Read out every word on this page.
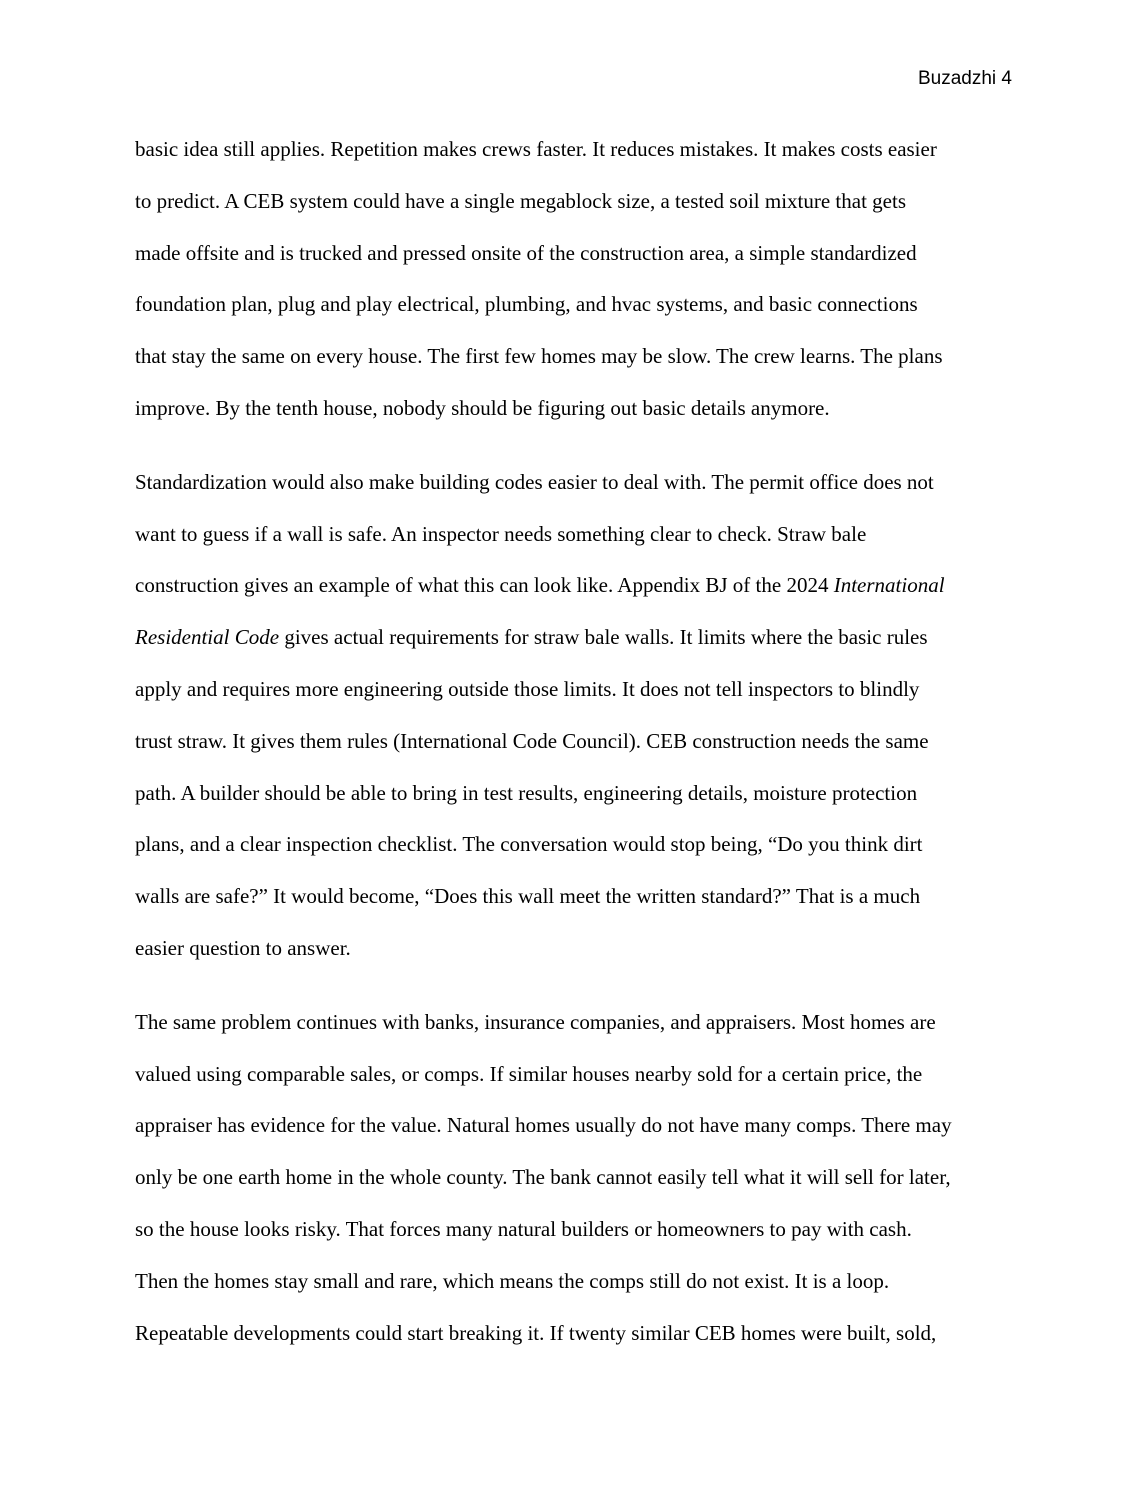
Buzadzhi 4
basic idea still applies. Repetition makes crews faster. It reduces mistakes. It makes costs easier
to predict. A CEB system could have a single megablock size, a tested soil mixture that gets
made offsite and is trucked and pressed onsite of the construction area, a simple standardized
foundation plan, plug and play electrical, plumbing, and hvac systems, and basic connections
that stay the same on every house. The first few homes may be slow. The crew learns. The plans
improve. By the tenth house, nobody should be figuring out basic details anymore.
Standardization would also make building codes easier to deal with. The permit office does not
want to guess if a wall is safe. An inspector needs something clear to check. Straw bale
construction gives an example of what this can look like. Appendix BJ of the 2024 International
Residential Code gives actual requirements for straw bale walls. It limits where the basic rules
apply and requires more engineering outside those limits. It does not tell inspectors to blindly
trust straw. It gives them rules (International Code Council). CEB construction needs the same
path. A builder should be able to bring in test results, engineering details, moisture protection
plans, and a clear inspection checklist. The conversation would stop being, “Do you think dirt
walls are safe?” It would become, “Does this wall meet the written standard?” That is a much
easier question to answer.
The same problem continues with banks, insurance companies, and appraisers. Most homes are
valued using comparable sales, or comps. If similar houses nearby sold for a certain price, the
appraiser has evidence for the value. Natural homes usually do not have many comps. There may
only be one earth home in the whole county. The bank cannot easily tell what it will sell for later,
so the house looks risky. That forces many natural builders or homeowners to pay with cash.
Then the homes stay small and rare, which means the comps still do not exist. It is a loop.
Repeatable developments could start breaking it. If twenty similar CEB homes were built, sold,
